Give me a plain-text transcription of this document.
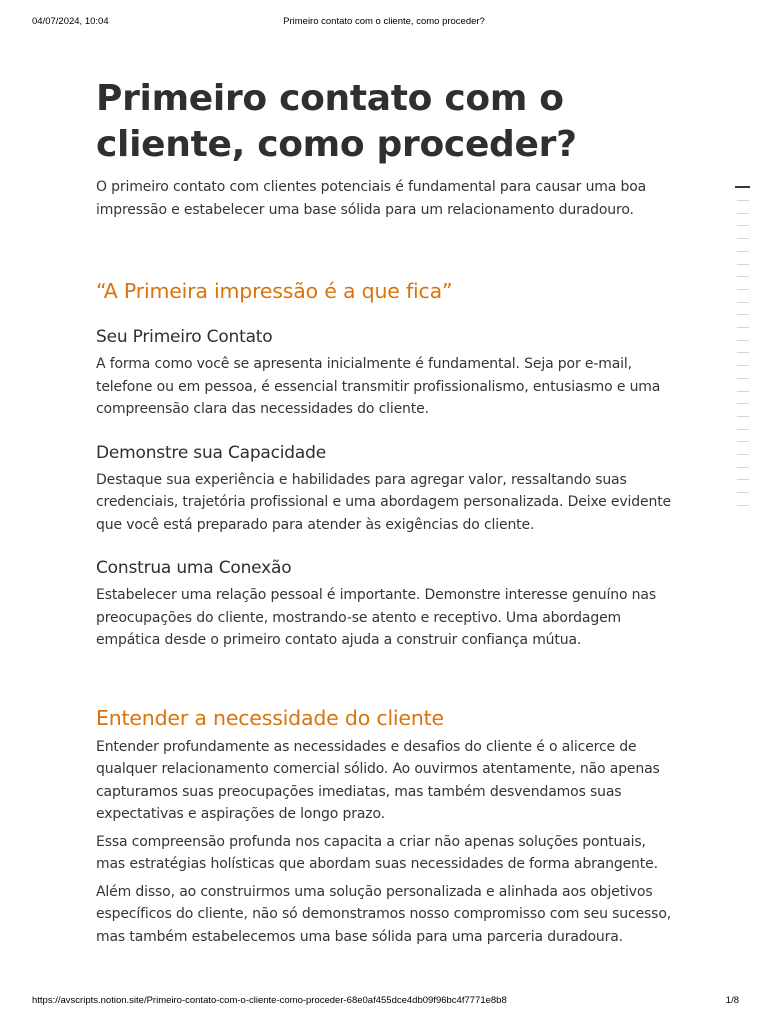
04/07/2024, 10:04	Primeiro contato com o cliente, como proceder?
Primeiro contato com o cliente, como proceder?

O primeiro contato com clientes potenciais é fundamental para causar uma boa impressão e estabelecer uma base sólida para um relacionamento duradouro.

“A Primeira impressão é a que fica”
Seu Primeiro Contato

A forma como você se apresenta inicialmente é fundamental. Seja por e-mail, telefone ou em pessoa, é essencial transmitir profissionalismo, entusiasmo e uma compreensão clara das necessidades do cliente.

Demonstre sua Capacidade

Destaque sua experiência e habilidades para agregar valor, ressaltando suas credenciais, trajetória profissional e uma abordagem personalizada. Deixe evidente que você está preparado para atender às exigências do cliente.

Construa uma Conexão

Estabelecer uma relação pessoal é importante. Demonstre interesse genuíno nas preocupações do cliente, mostrando-se atento e receptivo. Uma abordagem empática desde o primeiro contato ajuda a construir confiança mútua.

Entender a necessidade do cliente

Entender profundamente as necessidades e desafios do cliente é o alicerce de qualquer relacionamento comercial sólido. Ao ouvirmos atentamente, não apenas capturamos suas preocupações imediatas, mas também desvendamos suas expectativas e aspirações de longo prazo.

Essa compreensão profunda nos capacita a criar não apenas soluções pontuais, mas estratégias holísticas que abordam suas necessidades de forma abrangente.

Além disso, ao construirmos uma solução personalizada e alinhada aos objetivos específicos do cliente, não só demonstramos nosso compromisso com seu sucesso, mas também estabelecemos uma base sólida para uma parceria duradoura.

https://avscripts.notion.site/Primeiro-contato-com-o-cliente-como-proceder-68e0af455dce4db09f96bc4f7771e8b8	1/8
